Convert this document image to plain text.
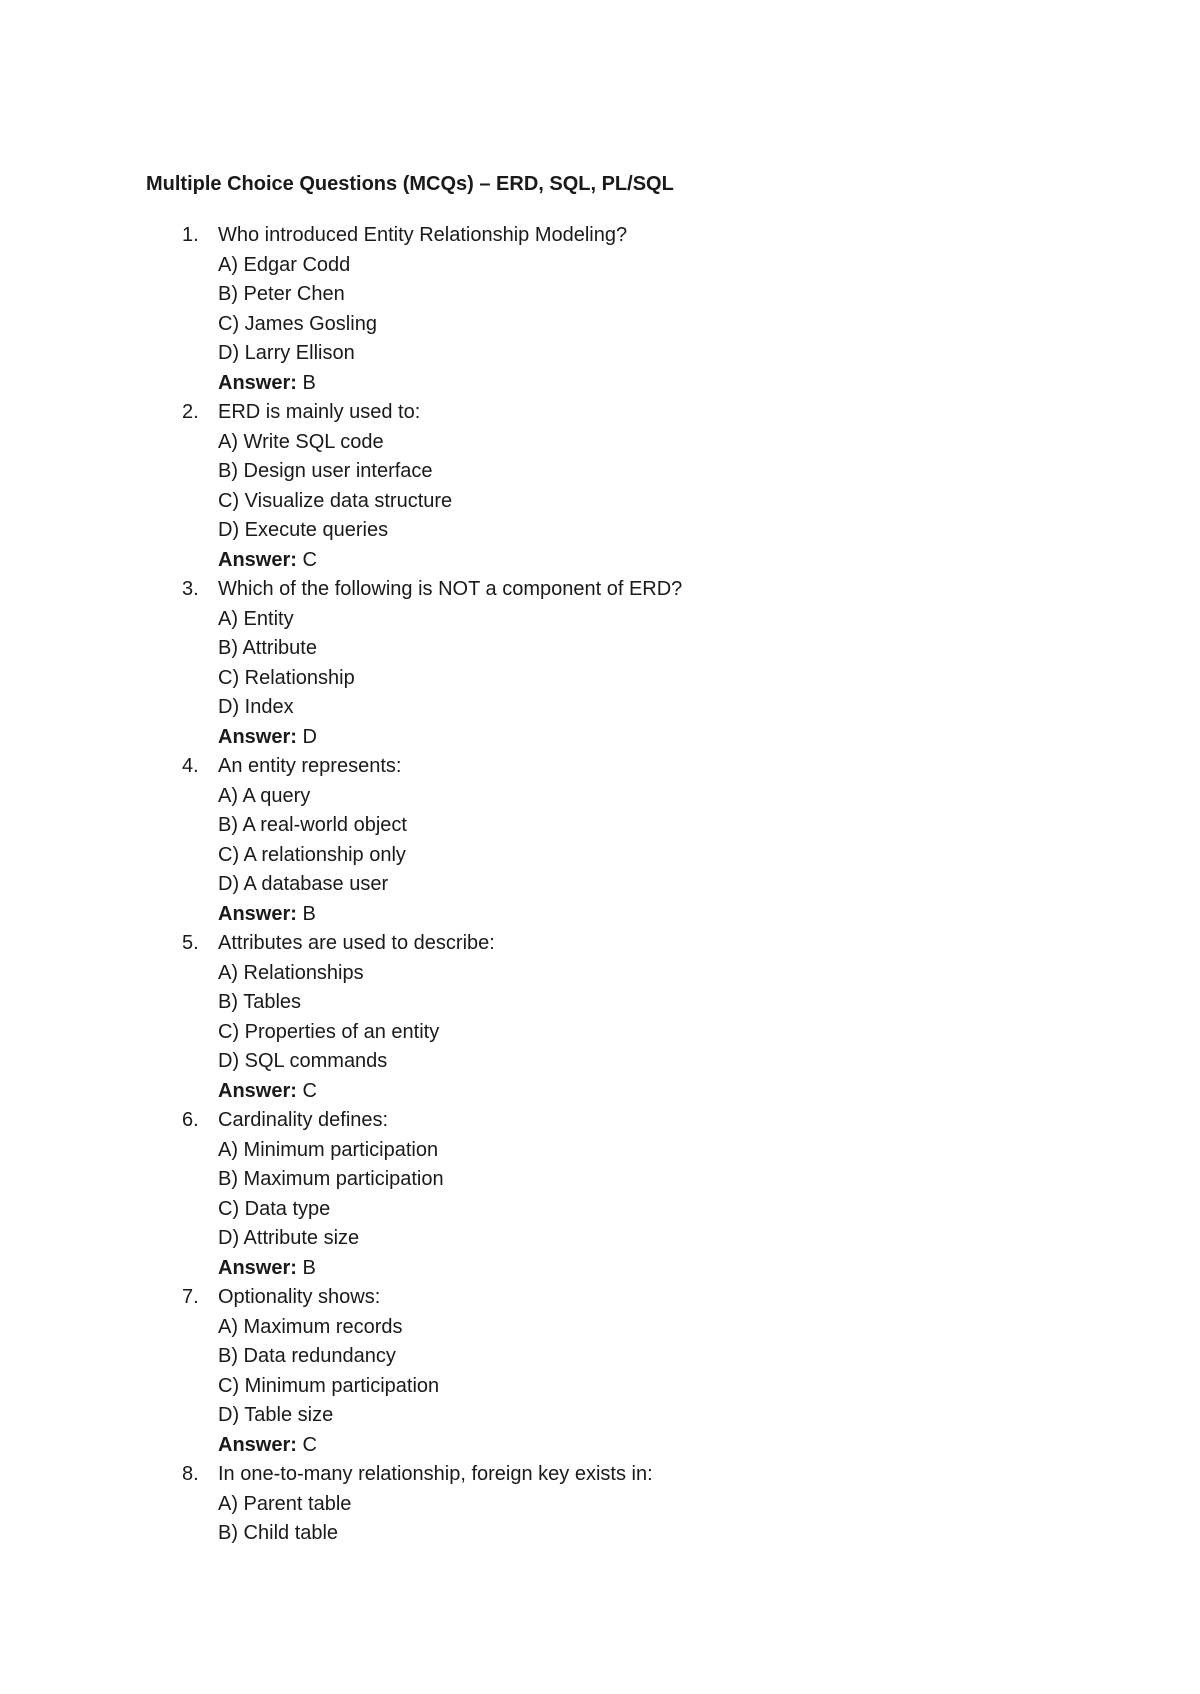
Multiple Choice Questions (MCQs) – ERD, SQL, PL/SQL
1. Who introduced Entity Relationship Modeling?
A) Edgar Codd
B) Peter Chen
C) James Gosling
D) Larry Ellison
Answer: B
2. ERD is mainly used to:
A) Write SQL code
B) Design user interface
C) Visualize data structure
D) Execute queries
Answer: C
3. Which of the following is NOT a component of ERD?
A) Entity
B) Attribute
C) Relationship
D) Index
Answer: D
4. An entity represents:
A) A query
B) A real-world object
C) A relationship only
D) A database user
Answer: B
5. Attributes are used to describe:
A) Relationships
B) Tables
C) Properties of an entity
D) SQL commands
Answer: C
6. Cardinality defines:
A) Minimum participation
B) Maximum participation
C) Data type
D) Attribute size
Answer: B
7. Optionality shows:
A) Maximum records
B) Data redundancy
C) Minimum participation
D) Table size
Answer: C
8. In one-to-many relationship, foreign key exists in:
A) Parent table
B) Child table
